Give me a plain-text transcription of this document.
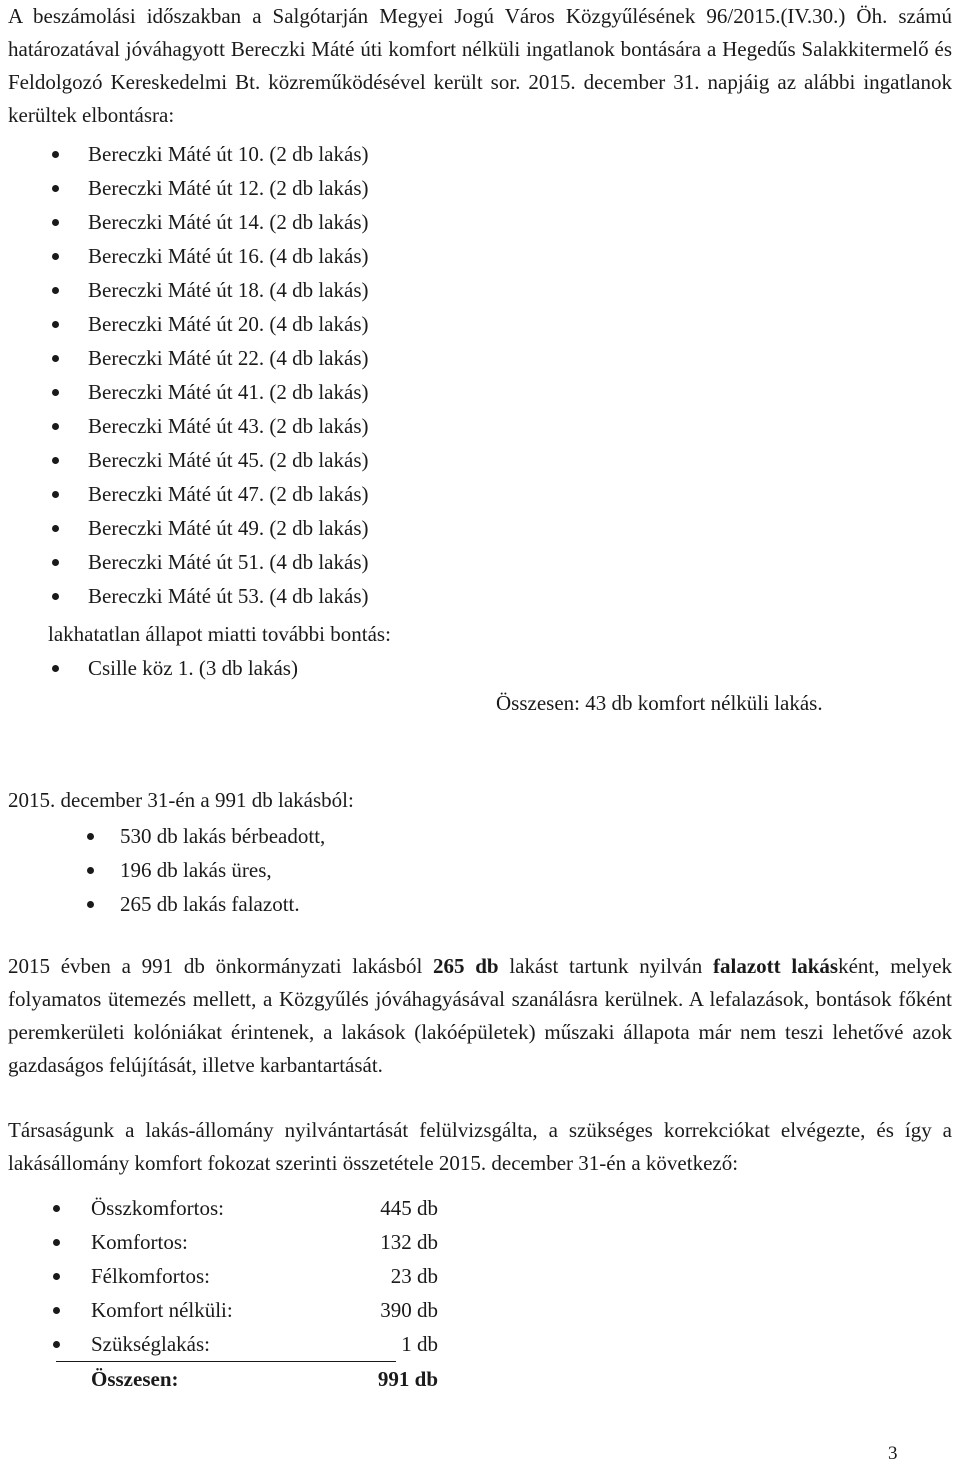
A beszámolási időszakban a Salgótarján Megyei Jogú Város Közgyűlésének 96/2015.(IV.30.) Öh. számú határozatával jóváhagyott Bereczki Máté úti komfort nélküli ingatlanok bontására a Hegedűs Salakkitermelő és Feldolgozó Kereskedelmi Bt. közreműködésével került sor. 2015. december 31. napjáig az alábbi ingatlanok kerültek elbontásra:

Bereczki Máté út 10. (2 db lakás)
Bereczki Máté út 12. (2 db lakás)
Bereczki Máté út 14. (2 db lakás)
Bereczki Máté út 16. (4 db lakás)
Bereczki Máté út 18. (4 db lakás)
Bereczki Máté út 20. (4 db lakás)
Bereczki Máté út 22. (4 db lakás)
Bereczki Máté út 41. (2 db lakás)
Bereczki Máté út 43. (2 db lakás)
Bereczki Máté út 45. (2 db lakás)
Bereczki Máté út 47. (2 db lakás)
Bereczki Máté út 49. (2 db lakás)
Bereczki Máté út 51. (4 db lakás)
Bereczki Máté út 53. (4 db lakás)
lakhatatlan állapot miatti további bontás:
Csille köz 1. (3 db lakás)
Összesen: 43 db komfort nélküli lakás.
2015. december 31-én a 991 db lakásból:
530 db lakás bérbeadott,
196 db lakás üres,
265 db lakás falazott.

2015 évben a 991 db önkormányzati lakásból 265 db lakást tartunk nyilván falazott lakásként, melyek folyamatos ütemezés mellett, a Közgyűlés jóváhagyásával szanálásra kerülnek. A lefalazások, bontások főként peremkerületi kolóniákat érintenek, a lakások (lakóépületek) műszaki állapota már nem teszi lehetővé azok gazdaságos felújítását, illetve karbantartását.

Társaságunk a lakás-állomány nyilvántartását felülvizsgálta, a szükséges korrekciókat elvégezte, és így a lakásállomány komfort fokozat szerinti összetétele 2015. december 31-én a következő:

Összkomfortos:	445 db
Komfortos:	132 db
Félkomfortos:	23 db
Komfort nélküli:	390 db
Szükséglakás:	1 db
Összesen:	991 db
3
